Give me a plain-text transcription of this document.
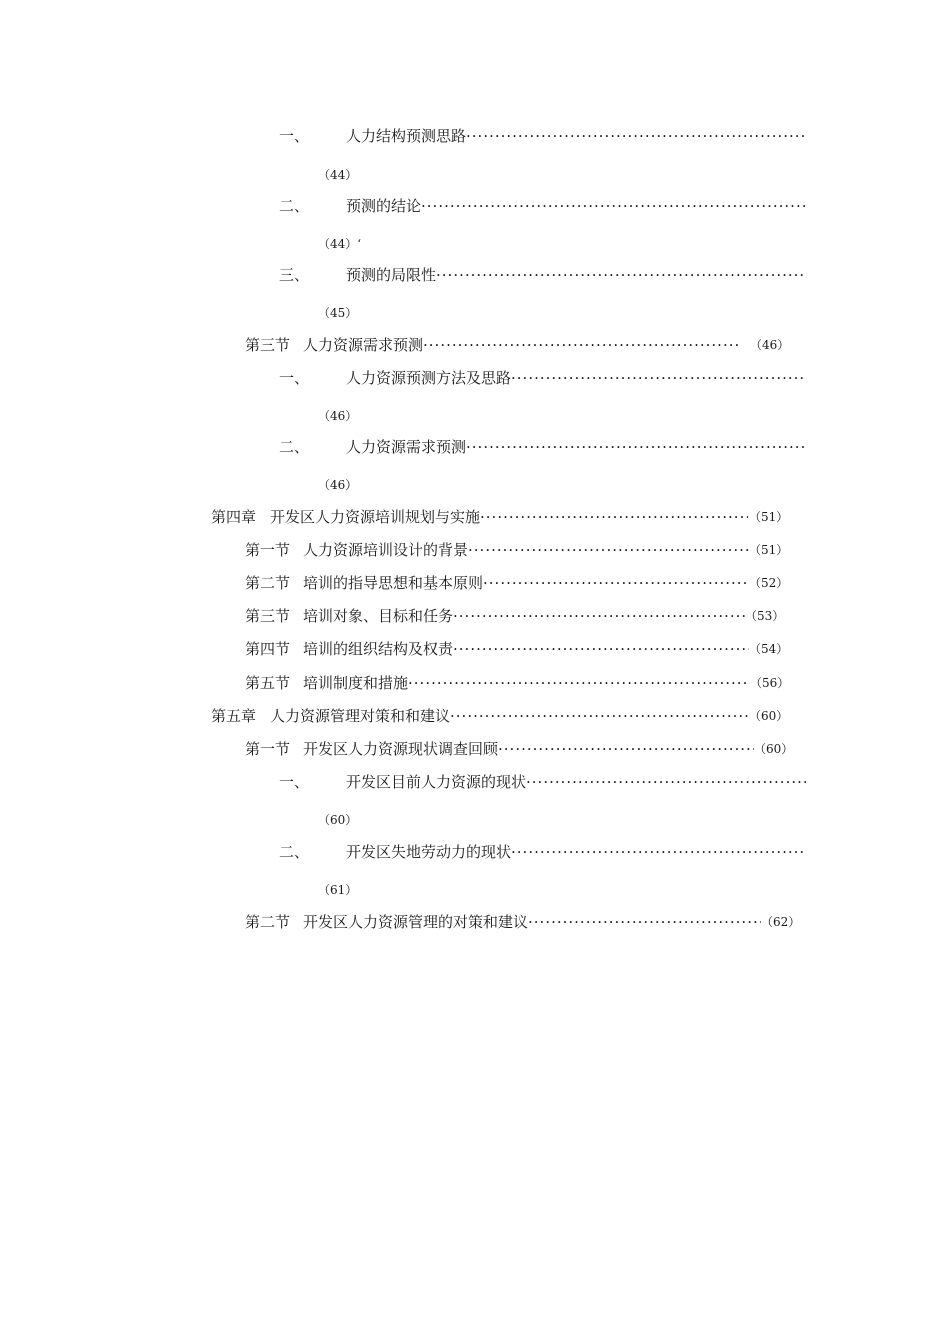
一、 人力结构预测思路 ·····
（44）
二、 预测的结论 ·····
（44）‘
三、 预测的局限性 ·····
（45）
第三节 人力资源需求预测 ·····	（46）
一、 人力资源预测方法及思路 ·····
（46）
二、 人力资源需求预测 ·····
（46）
第四章 开发区人力资源培训规划与实施 ·····	（51）
第一节 人力资源培训设计的背景 ·····	（51）
第二节 培训的指导思想和基本原则 ·····	（52）
第三节 培训对象、目标和任务 ·····	（53）
第四节 培训的组织结构及权责 ·····	（54）
第五节 培训制度和措施 ·····	（56）
第五章 人力资源管理对策和和建议 ·····	（60）
第一节 开发区人力资源现状调查回顾 ·····	（60）
一、 开发区目前人力资源的现状 ·····
（60）
二、 开发区失地劳动力的现状 ·····
（61）
第二节 开发区人力资源管理的对策和建议 ·····	（62）
